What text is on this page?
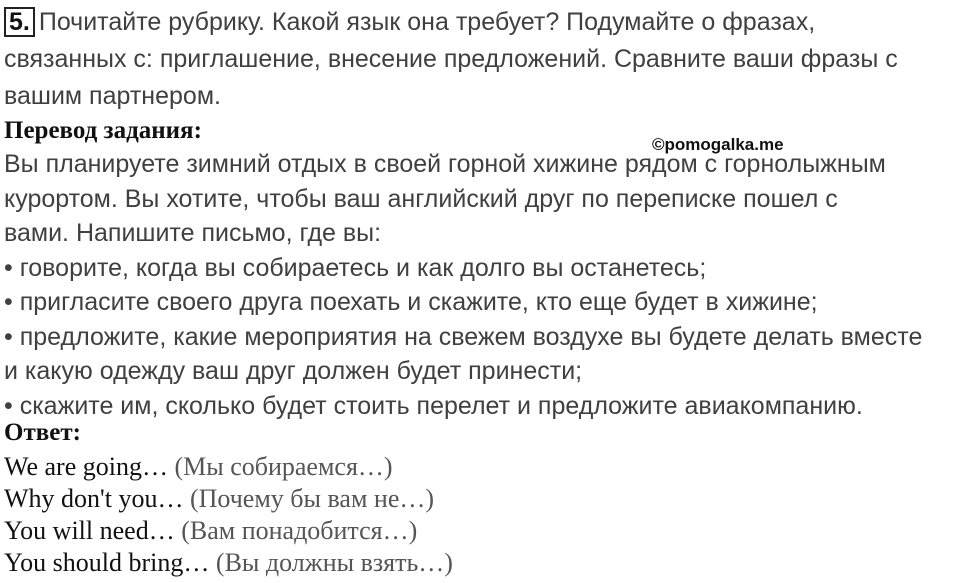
5. Почитайте рубрику. Какой язык она требует? Подумайте о фразах,
связанных с: приглашение, внесение предложений. Сравните ваши фразы с
вашим партнером.
Перевод задания:
©pomogalka.me
Вы планируете зимний отдых в своей горной хижине рядом с горнолыжным
курортом. Вы хотите, чтобы ваш английский друг по переписке пошел с
вами. Напишите письмо, где вы:
• говорите, когда вы собираетесь и как долго вы останетесь;
• пригласите своего друга поехать и скажите, кто еще будет в хижине;
• предложите, какие мероприятия на свежем воздухе вы будете делать вместе
и какую одежду ваш друг должен будет принести;
• скажите им, сколько будет стоить перелет и предложите авиакомпанию.
Ответ:
We are going… (Мы собираемся…)
Why don't you… (Почему бы вам не…)
You will need… (Вам понадобится…)
You should bring… (Вы должны взять…)
